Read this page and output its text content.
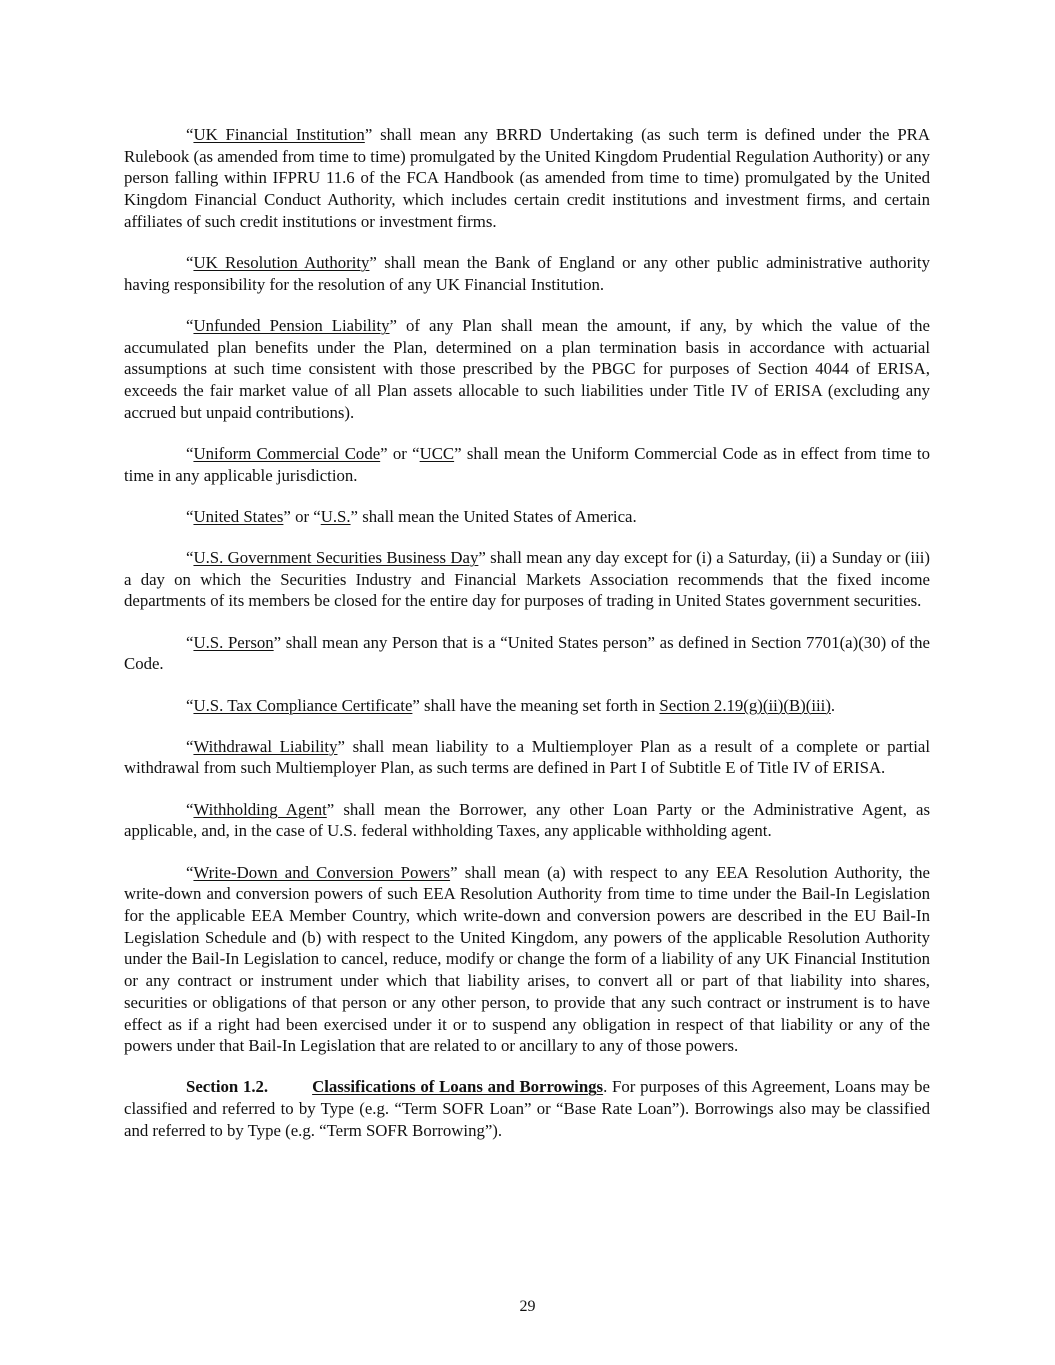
“UK Financial Institution” shall mean any BRRD Undertaking (as such term is defined under the PRA Rulebook (as amended from time to time) promulgated by the United Kingdom Prudential Regulation Authority) or any person falling within IFPRU 11.6 of the FCA Handbook (as amended from time to time) promulgated by the United Kingdom Financial Conduct Authority, which includes certain credit institutions and investment firms, and certain affiliates of such credit institutions or investment firms.

“UK Resolution Authority” shall mean the Bank of England or any other public administrative authority having responsibility for the resolution of any UK Financial Institution.

“Unfunded Pension Liability” of any Plan shall mean the amount, if any, by which the value of the accumulated plan benefits under the Plan, determined on a plan termination basis in accordance with actuarial assumptions at such time consistent with those prescribed by the PBGC for purposes of Section 4044 of ERISA, exceeds the fair market value of all Plan assets allocable to such liabilities under Title IV of ERISA (excluding any accrued but unpaid contributions).

“Uniform Commercial Code” or “UCC” shall mean the Uniform Commercial Code as in effect from time to time in any applicable jurisdiction.

“United States” or “U.S.” shall mean the United States of America.

“U.S. Government Securities Business Day” shall mean any day except for (i) a Saturday, (ii) a Sunday or (iii) a day on which the Securities Industry and Financial Markets Association recommends that the fixed income departments of its members be closed for the entire day for purposes of trading in United States government securities.

“U.S. Person” shall mean any Person that is a “United States person” as defined in Section 7701(a)(30) of the Code.

“U.S. Tax Compliance Certificate” shall have the meaning set forth in Section 2.19(g)(ii)(B)(iii).

“Withdrawal Liability” shall mean liability to a Multiemployer Plan as a result of a complete or partial withdrawal from such Multiemployer Plan, as such terms are defined in Part I of Subtitle E of Title IV of ERISA.

“Withholding Agent” shall mean the Borrower, any other Loan Party or the Administrative Agent, as applicable, and, in the case of U.S. federal withholding Taxes, any applicable withholding agent.

“Write-Down and Conversion Powers” shall mean (a) with respect to any EEA Resolution Authority, the write-down and conversion powers of such EEA Resolution Authority from time to time under the Bail-In Legislation for the applicable EEA Member Country, which write-down and conversion powers are described in the EU Bail-In Legislation Schedule and (b) with respect to the United Kingdom, any powers of the applicable Resolution Authority under the Bail-In Legislation to cancel, reduce, modify or change the form of a liability of any UK Financial Institution or any contract or instrument under which that liability arises, to convert all or part of that liability into shares, securities or obligations of that person or any other person, to provide that any such contract or instrument is to have effect as if a right had been exercised under it or to suspend any obligation in respect of that liability or any of the powers under that Bail-In Legislation that are related to or ancillary to any of those powers.

Section 1.2.	Classifications of Loans and Borrowings. For purposes of this Agreement, Loans may be classified and referred to by Type (e.g. “Term SOFR Loan” or “Base Rate Loan”). Borrowings also may be classified and referred to by Type (e.g. “Term SOFR Borrowing”).

29
